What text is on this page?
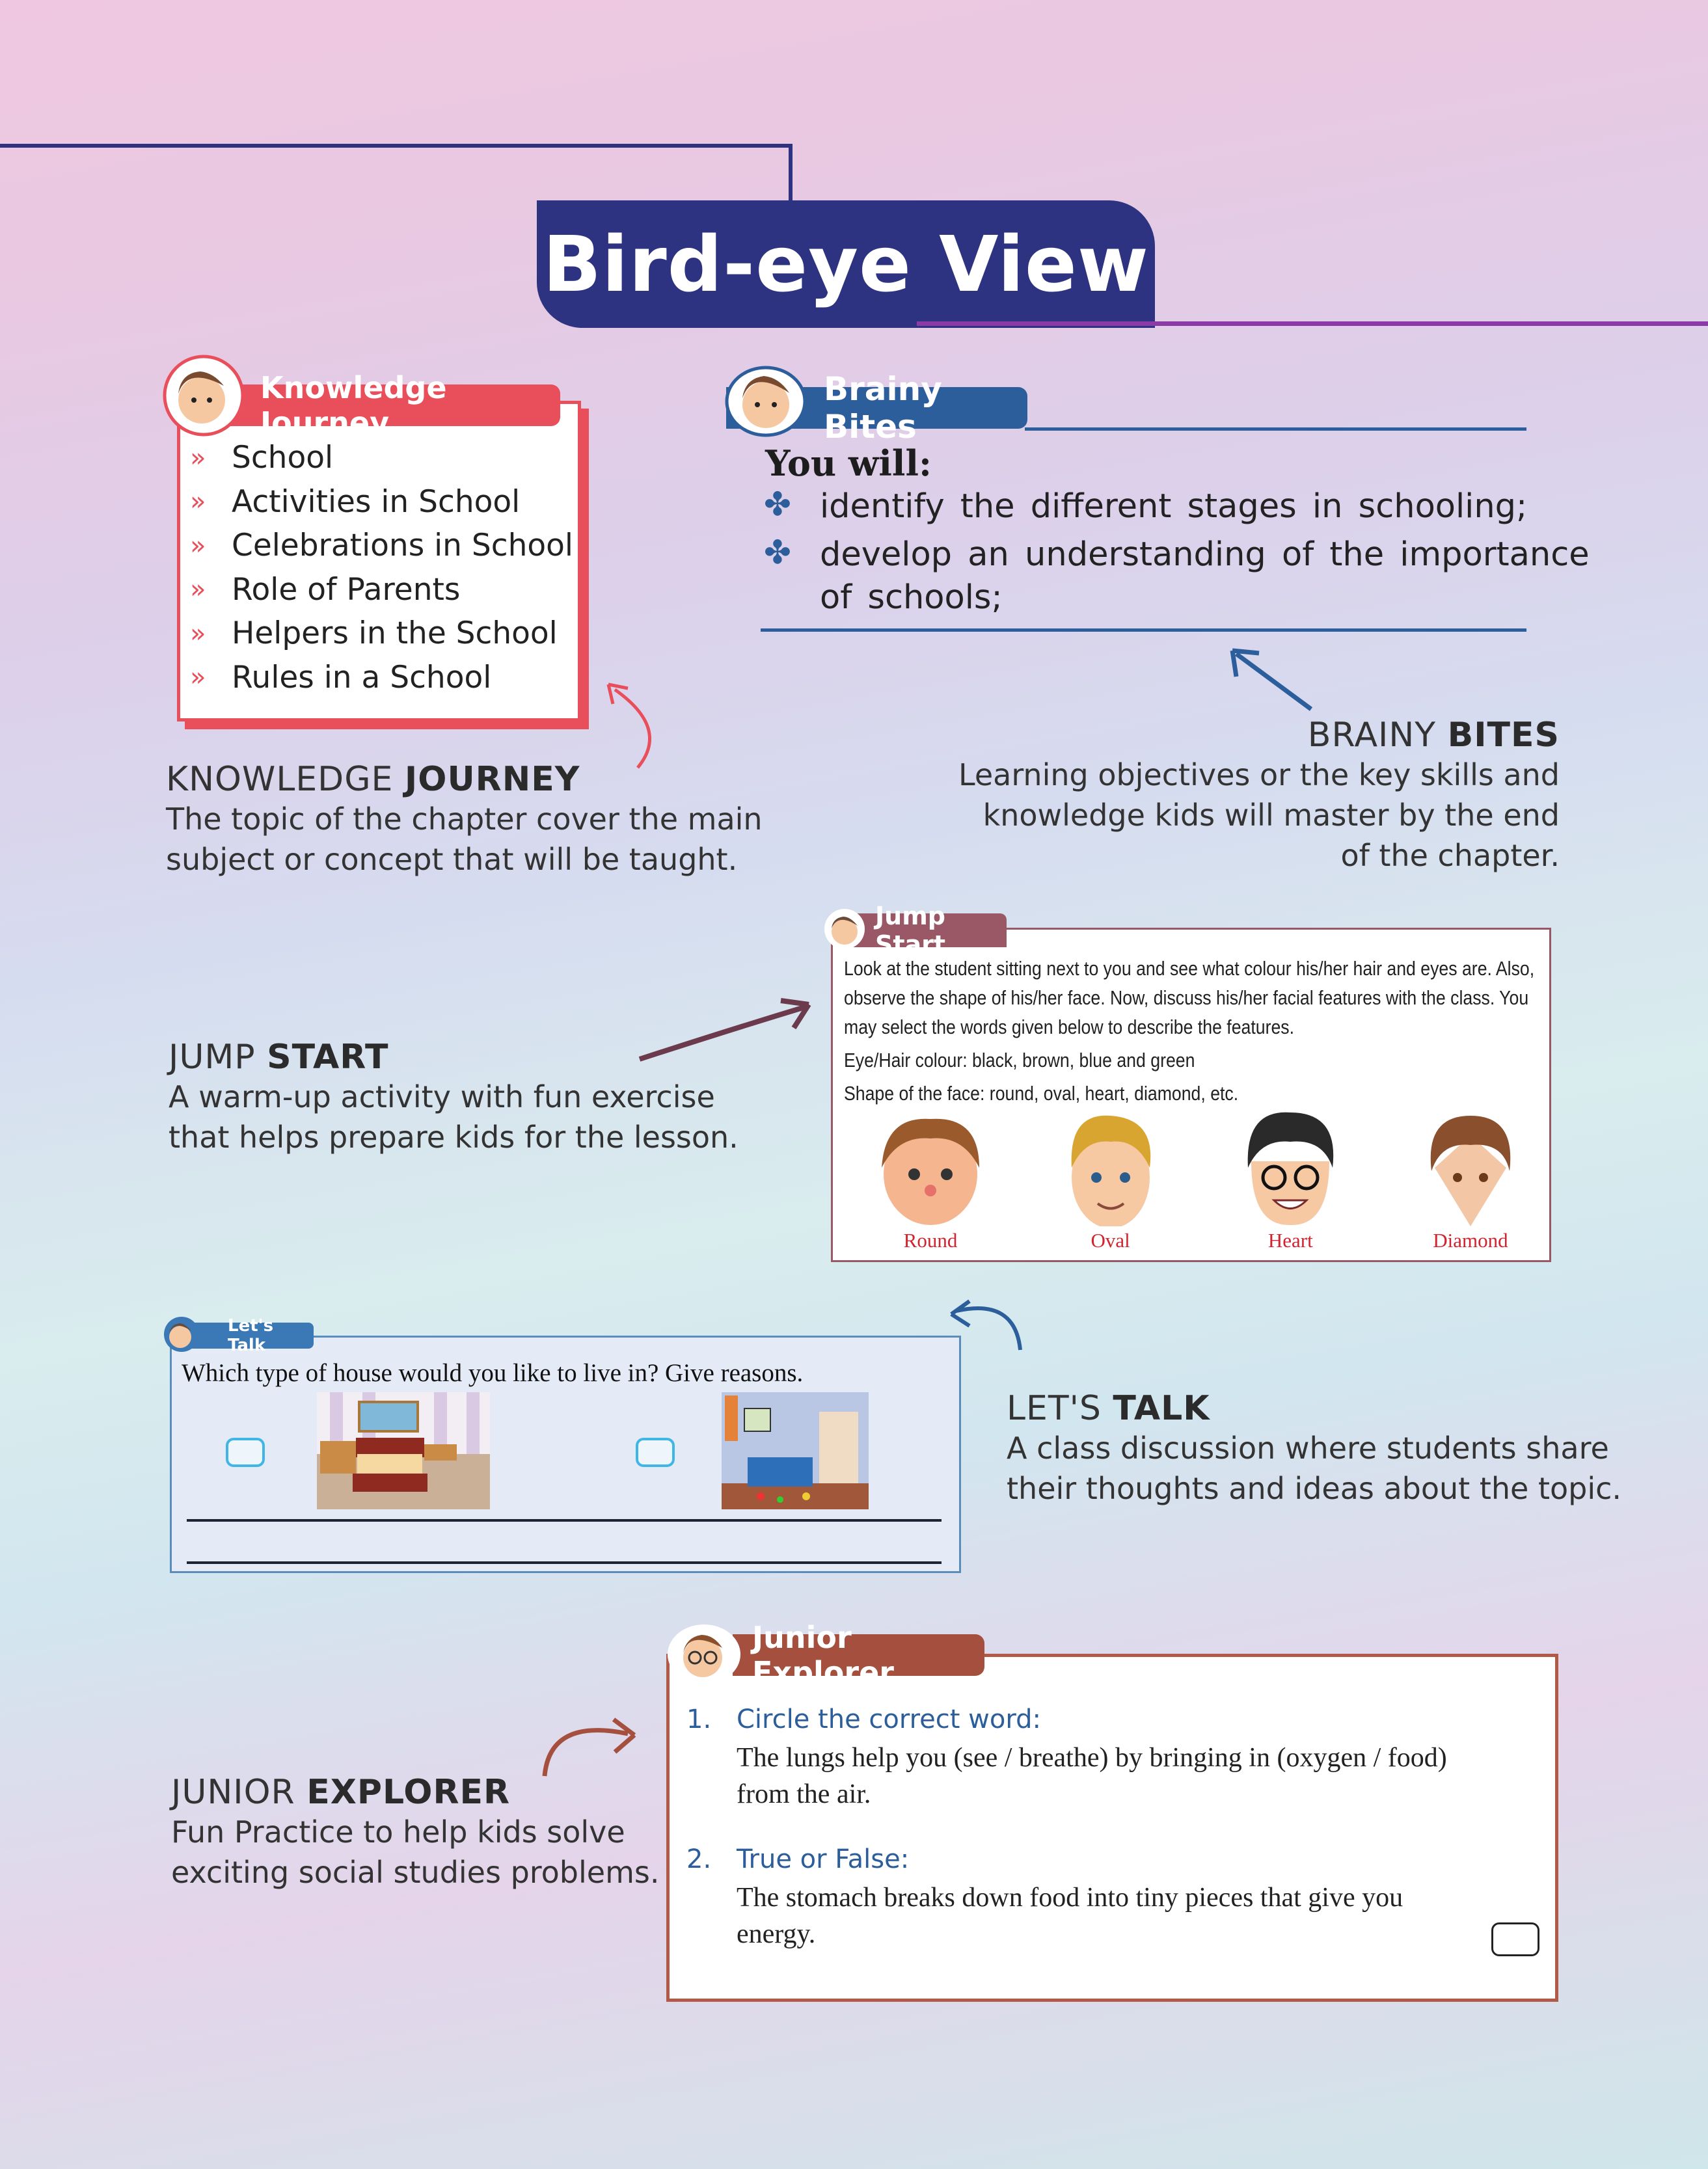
Bird-eye View
Knowledge Journey
» School
» Activities in School
» Celebrations in School
» Role of Parents
» Helpers in the School
» Rules in a School
KNOWLEDGE JOURNEY
The topic of the chapter cover the main
subject or concept that will be taught.
Brainy Bites
You will:
✤ identify the different stages in schooling;
✤ develop an understanding of the importance
of schools;
BRAINY BITES
Learning objectives or the key skills and
knowledge kids will master by the end
of the chapter.
Jump Start
Look at the student sitting next to you and see what colour his/her hair and eyes are. Also, observe the shape of his/her face. Now, discuss his/her facial features with the class. You may select the words given below to describe the features.
Eye/Hair colour: black, brown, blue and green
Shape of the face: round, oval, heart, diamond, etc.
Round	Oval	Heart	Diamond
JUMP START
A warm-up activity with fun exercise
that helps prepare kids for the lesson.
Let's Talk
Which type of house would you like to live in? Give reasons.
LET'S TALK
A class discussion where students share
their thoughts and ideas about the topic.
Junior Explorer
1. Circle the correct word:
The lungs help you (see / breathe) by bringing in (oxygen / food)
from the air.
2. True or False:
The stomach breaks down food into tiny pieces that give you
energy.
JUNIOR EXPLORER
Fun Practice to help kids solve
exciting social studies problems.
